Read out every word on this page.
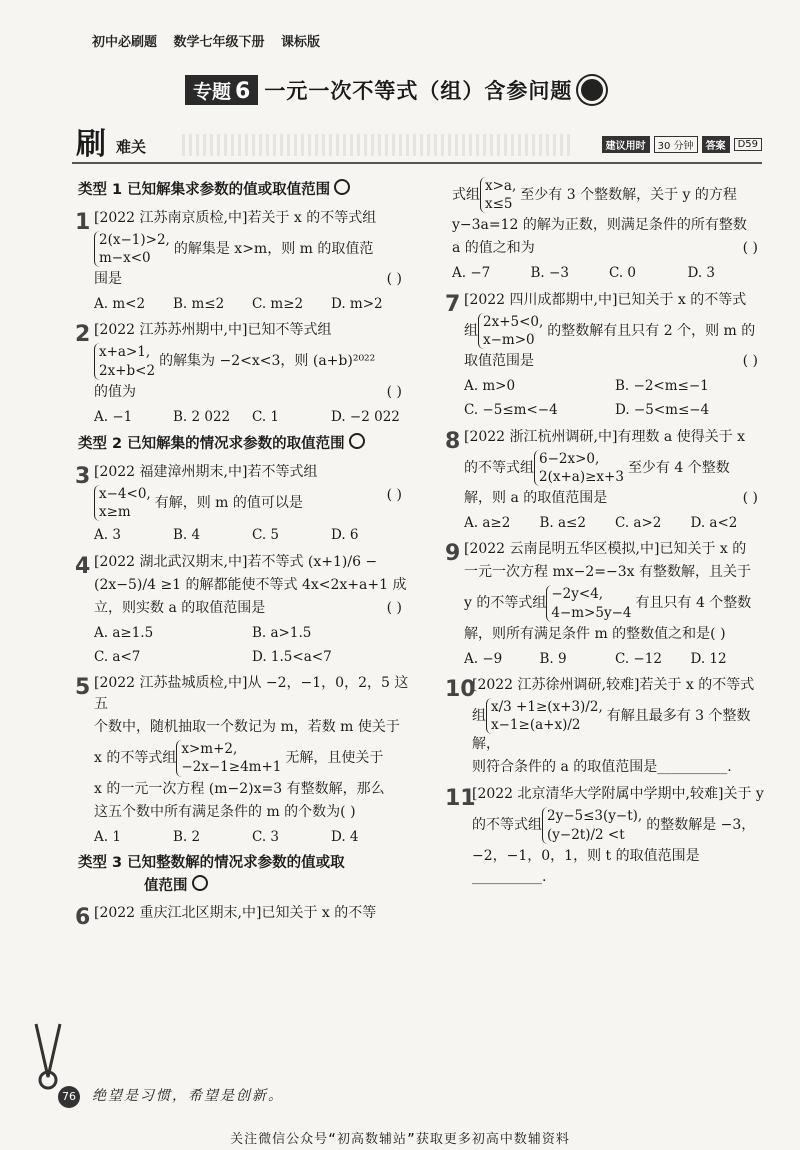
初中必刷题 数学七年级下册 课标版
专题 6 一元一次不等式（组）含参问题
刷 难关	建议用时	30 分钟	答案	D59
类型 1 已知解集求参数的值或取值范围
1 [2022 江苏南京质检,中]若关于 x 的不等式组
2(x−1)>2,
m−x<0的解集是 x>m，则 m 的取值范
围是	( )
A. m<2	B. m≤2	C. m≥2	D. m>2
2 [2022 江苏苏州期中,中]已知不等式组
x+a>1,
2x+b<2的解集为 −2<x<3，则 (a+b)²⁰²²
的值为	( )
A. −1	B. 2 022	C. 1	D. −2 022
类型 2 已知解集的情况求参数的取值范围
3 [2022 福建漳州期末,中]若不等式组
x−4<0,
x≥m有解，则 m 的值可以是
( )
A. 3	B. 4	C. 5	D. 6
4 [2022 湖北武汉期末,中]若不等式 (x+1)/6 −
(2x−5)/4 ≥1 的解都能使不等式 4x<2x+a+1 成
立，则实数 a 的取值范围是	( )
A. a≥1.5	B. a>1.5
C. a<7	D. 1.5<a<7
5 [2022 江苏盐城质检,中]从 −2，−1，0，2，5 这五
个数中，随机抽取一个数记为 m，若数 m 使关于
x 的不等式组x>m+2,
−2x−1≥4m+1无解，且使关于
x 的一元一次方程 (m−2)x=3 有整数解，那么
这五个数中所有满足条件的 m 的个数为( )
A. 1	B. 2	C. 3	D. 4
类型 3 已知整数解的情况求参数的值或取
值范围
6 [2022 重庆江北区期末,中]已知关于 x 的不等
式组x>a,
x≤5至少有 3 个整数解，关于 y 的方程
y−3a=12 的解为正数，则满足条件的所有整数
a 的值之和为	( )
A. −7	B. −3	C. 0	D. 3
7 [2022 四川成都期中,中]已知关于 x 的不等式
组2x+5<0,
x−m>0的整数解有且只有 2 个，则 m 的
取值范围是	( )
A. m>0	B. −2<m≤−1
C. −5≤m<−4	D. −5<m≤−4
8 [2022 浙江杭州调研,中]有理数 a 使得关于 x
的不等式组6−2x>0,
2(x+a)≥x+3至少有 4 个整数
解，则 a 的取值范围是	( )
A. a≥2	B. a≤2	C. a>2	D. a<2
9 [2022 云南昆明五华区模拟,中]已知关于 x 的
一元一次方程 mx−2=−3x 有整数解，且关于
y 的不等式组−2y<4,
4−m>5y−4有且只有 4 个整数
解，则所有满足条件 m 的整数值之和是( )
A. −9	B. 9	C. −12	D. 12
10
[2022 江苏徐州调研,较难]若关于 x 的不等式
组x/3 +1≥(x+3)/2,
x−1≥(a+x)/2有解且最多有 3 个整数解，
则符合条件的 a 的取值范围是__________.
11
[2022 北京清华大学附属中学期中,较难]关于 y
的不等式组2y−5≤3(y−t),
(y−2t)/2 <t的整数解是 −3，
−2，−1，0，1，则 t 的取值范围是__________.
76 绝望是习惯，希望是创新。
关注微信公众号“初高数辅站”获取更多初高中数辅资料
